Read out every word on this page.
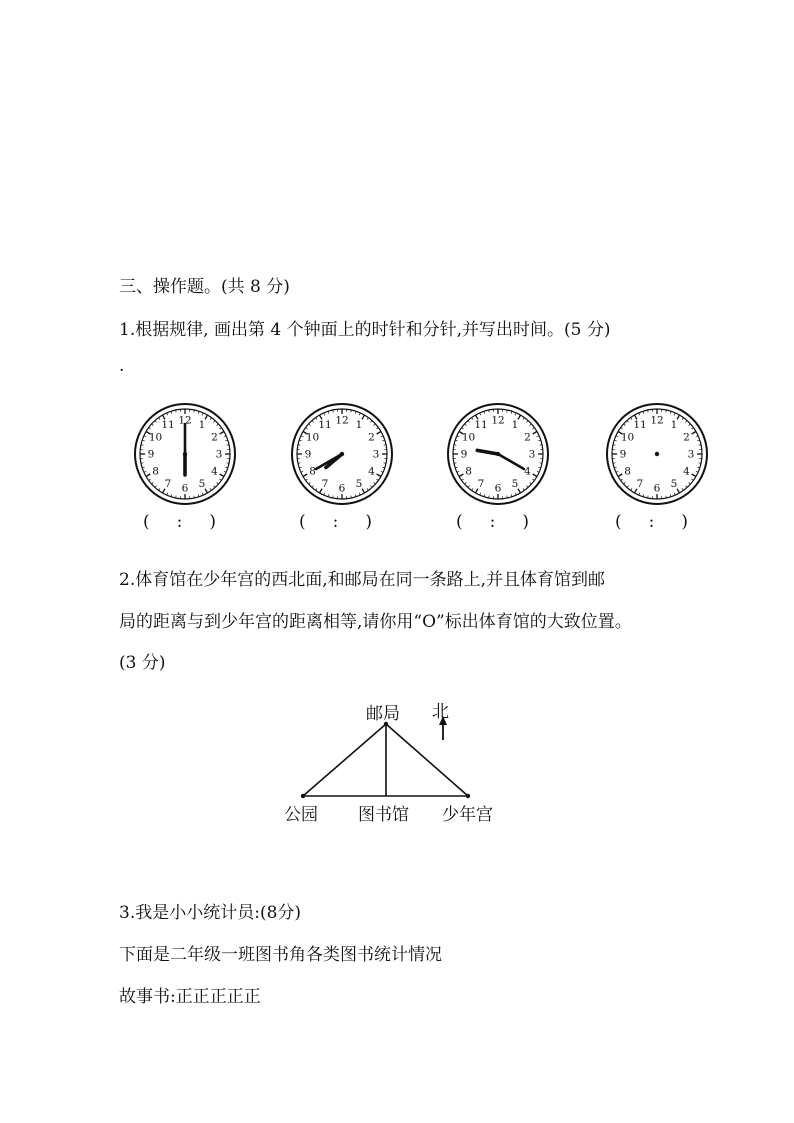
三、操作题。(共 8 分)
1.根据规律, 画出第 4 个钟面上的时针和分针,并写出时间。(5 分)
.
12 1
2
3
4
5
6
7
8
9
10
11	12 1
2
3
4
5
6
7
8
9
10
11	12 1
2
3
4
5
6
7
8
9
10
11	12 1
2
3
4
5
6
7
8
9
10
11
( : )	( : )	( : )	( : )
2.体育馆在少年宫的西北面,和邮局在同一条路上,并且体育馆到邮
局的距离与到少年宫的距离相等,请你用“O”标出体育馆的大致位置。
(3 分)
邮局 北
公园 图书馆 少年宫
3.我是小小统计员:(8分)
下面是二年级一班图书角各类图书统计情况
故事书:正正正正正
